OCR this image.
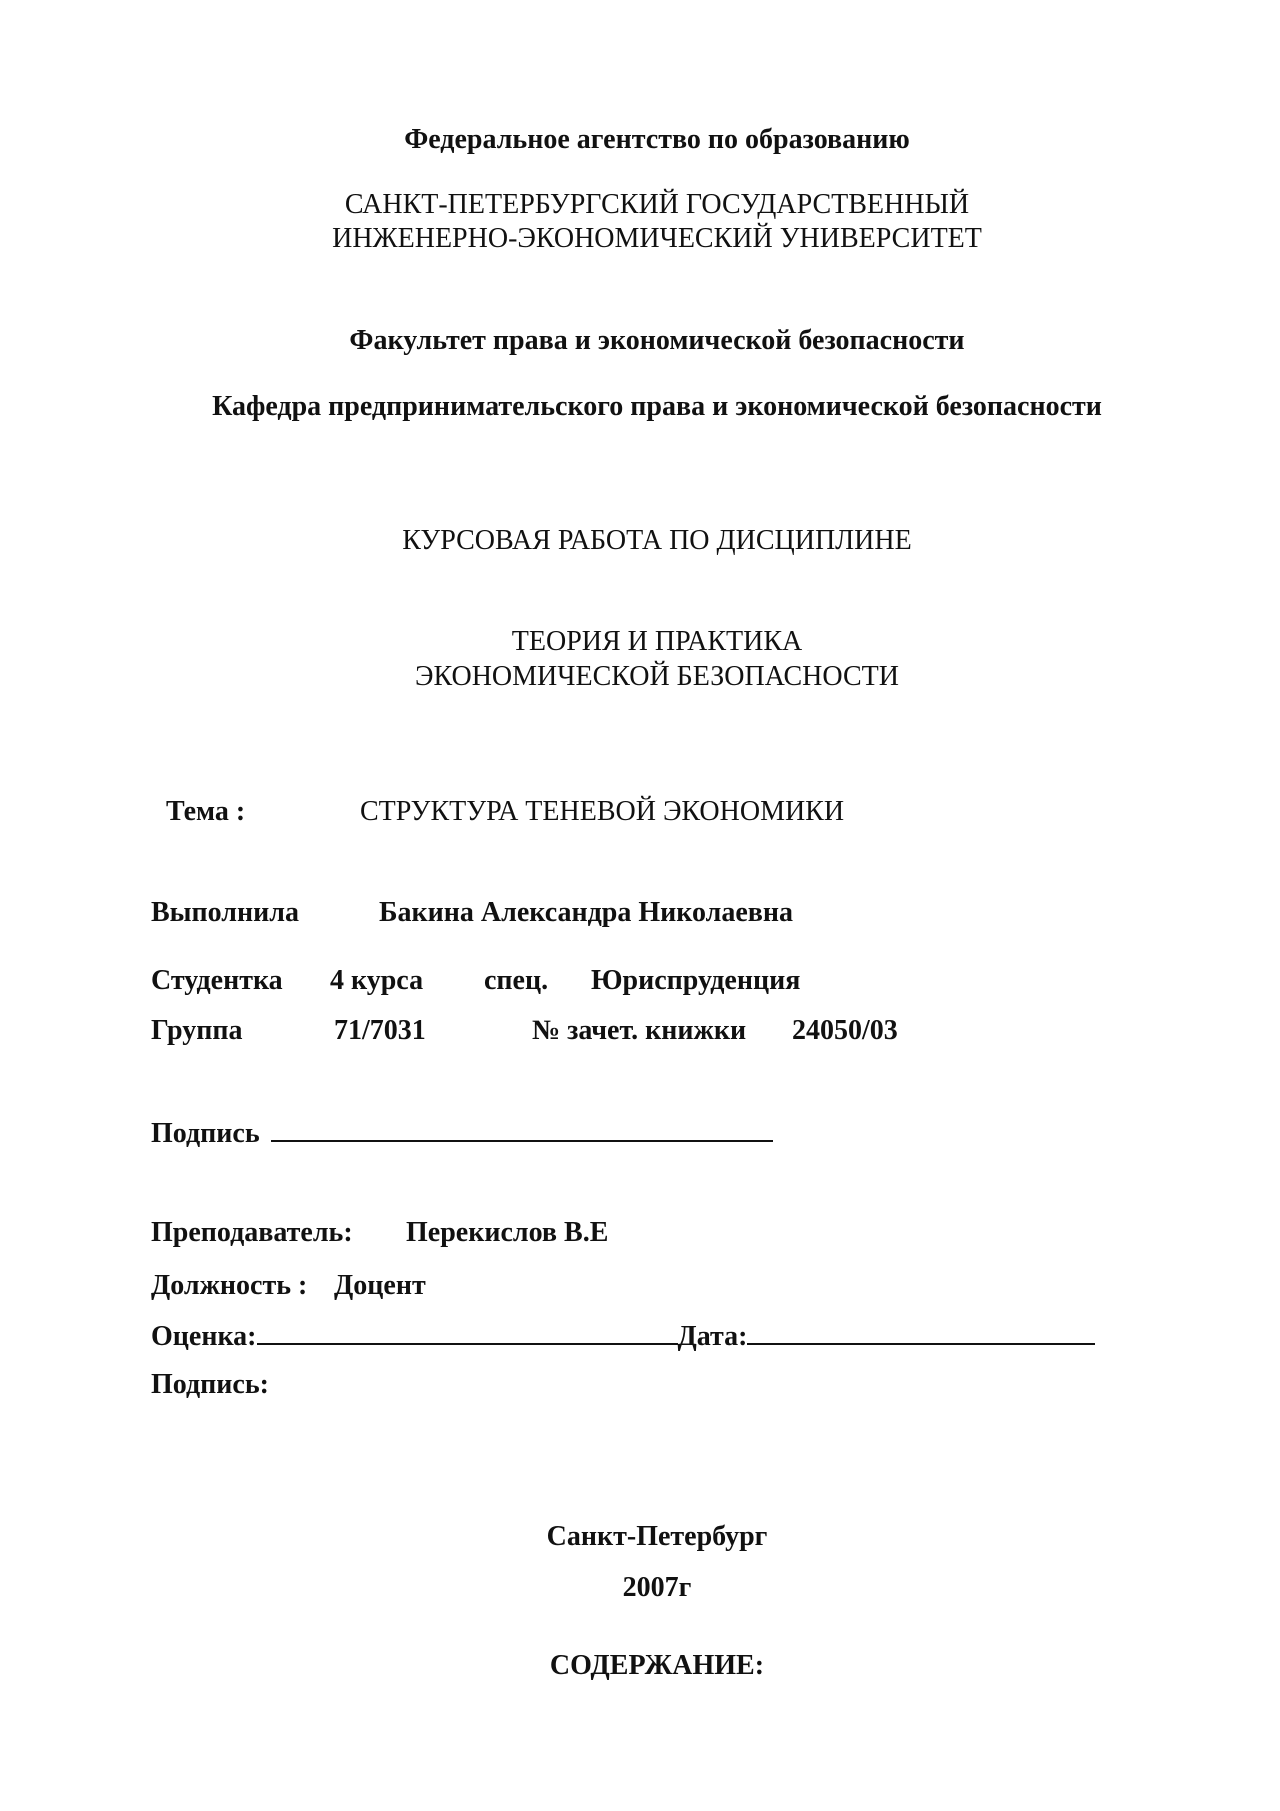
Федеральное агентство по образованию
САНКТ-ПЕТЕРБУРГСКИЙ ГОСУДАРСТВЕННЫЙ
ИНЖЕНЕРНО-ЭКОНОМИЧЕСКИЙ УНИВЕРСИТЕТ
Факультет права и экономической безопасности
Кафедра предпринимательского права и экономической безопасности
КУРСОВАЯ РАБОТА ПО ДИСЦИПЛИНЕ
ТЕОРИЯ И ПРАКТИКА
ЭКОНОМИЧЕСКОЙ БЕЗОПАСНОСТИ
Тема :	СТРУКТУРА ТЕНЕВОЙ ЭКОНОМИКИ
Выполнила	Бакина Александра Николаевна
Студентка 4 курса спец. Юриспруденция
Группа	71/7031	№ зачет. книжки 24050/03
Подпись
Преподаватель: Перекислов В.Е
Должность : Доцент
Оценка:	Дата:
Подпись:
Санкт-Петербург
2007г
СОДЕРЖАНИЕ:
